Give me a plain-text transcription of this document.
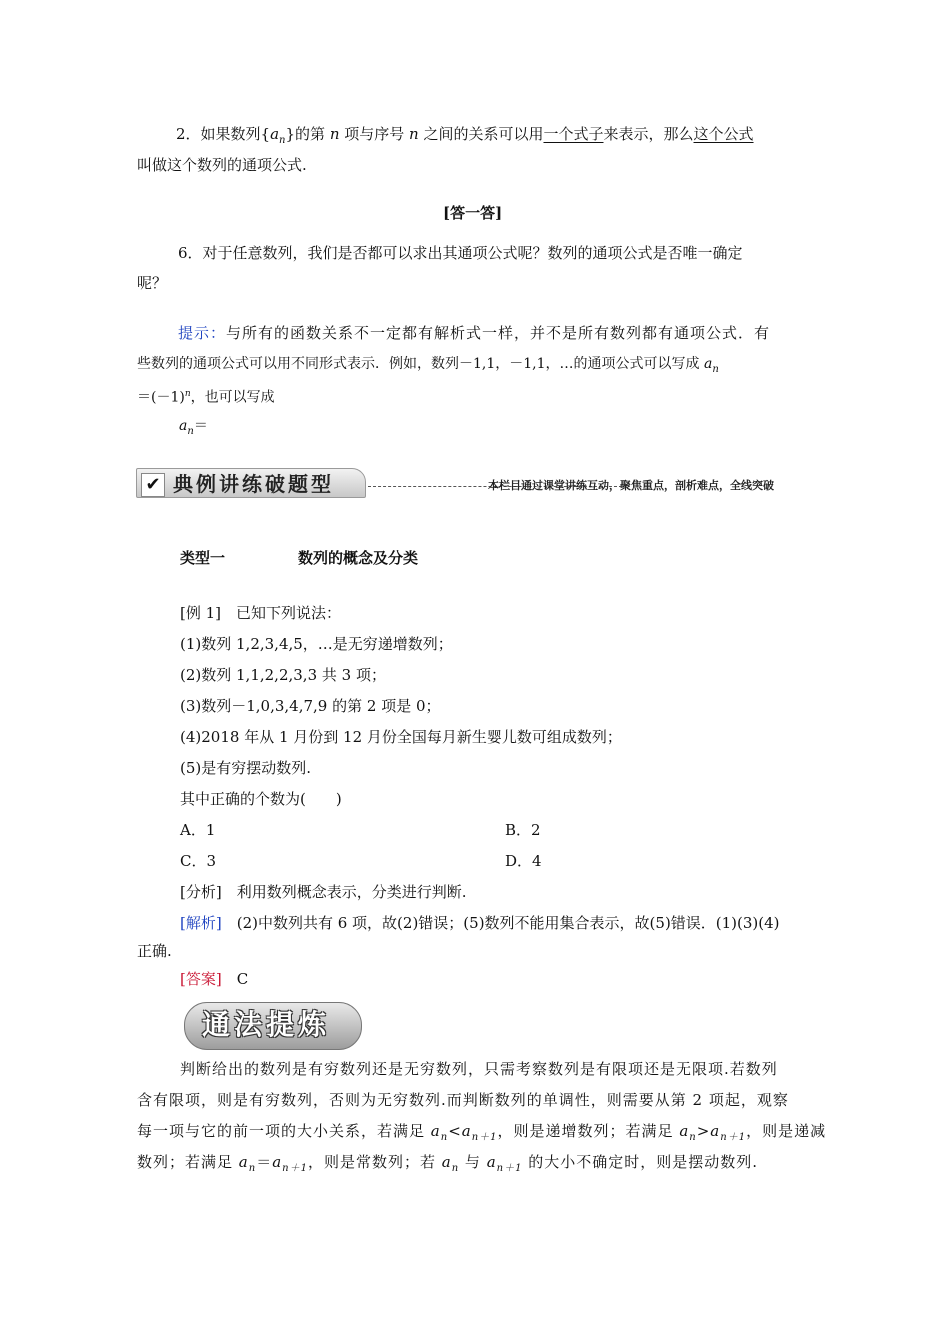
2．如果数列$\{a_n\}$的第 n 项与序号 n 之间的关系可以用一个式子来表示，那么这个公式
叫做这个数列的通项公式.
[答一答]
6．对于任意数列，我们是否都可以求出其通项公式呢？数列的通项公式是否唯一确定
呢？
提示：与所有的函数关系不一定都有解析式一样，并不是所有数列都有通项公式．有
些数列的通项公式可以用不同形式表示．例如，数列－1,1，－1,1，…的通项公式可以写成 $a_n$
$=(-1)^n$，也可以写成
$a_n=$
✔ 典例讲练破题型	本栏目通过课堂讲练互动，聚焦重点，剖析难点，全线突破
类型一	数列的概念及分类
[例 1]　已知下列说法：
(1)数列 1,2,3,4,5，…是无穷递增数列；
(2)数列 1,1,2,2,3,3 共 3 项；
(3)数列－1,0,3,4,7,9 的第 2 项是 0；
(4)2018 年从 1 月份到 12 月份全国每月新生婴儿数可组成数列；
(5)是有穷摆动数列.
其中正确的个数为(　　)
A．1	B．2
C．3	D．4
[分析]　利用数列概念表示，分类进行判断.
[解析]　(2)中数列共有 6 项，故(2)错误；(5)数列不能用集合表示，故(5)错误．(1)(3)(4)
正确.
[答案]　C
通法提炼
判断给出的数列是有穷数列还是无穷数列，只需考察数列是有限项还是无限项.若数列
含有限项，则是有穷数列，否则为无穷数列.而判断数列的单调性，则需要从第 2 项起，观察
每一项与它的前一项的大小关系，若满足 $a_n<a_{n+1}$，则是递增数列；若满足 $a_n>a_{n+1}$，则是递减
数列；若满足 $a_n=a_{n+1}$，则是常数列；若 $a_n$ 与 $a_{n+1}$ 的大小不确定时，则是摆动数列.
